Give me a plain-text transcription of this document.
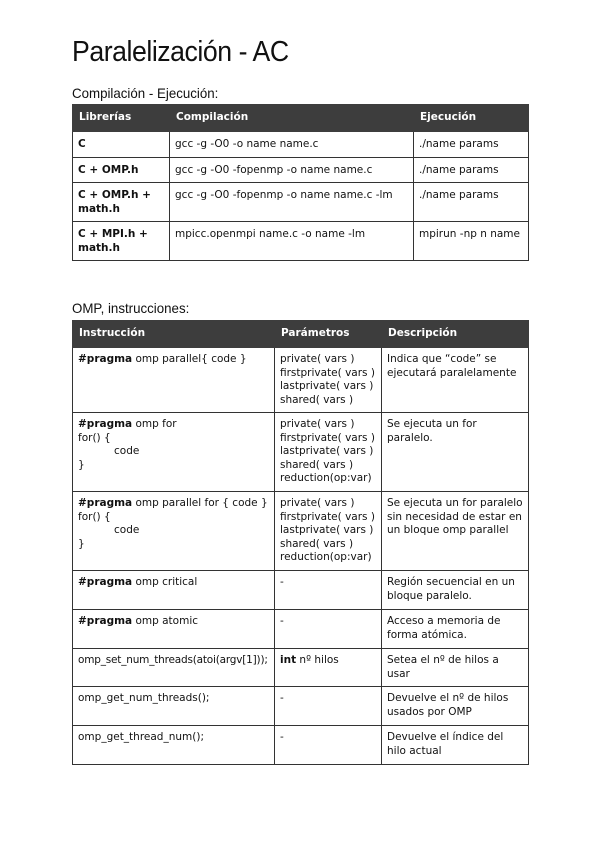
Paralelización - AC
Compilación - Ejecución:
Librerías	Compilación	Ejecución
C	gcc -g -O0 -o name name.c	./name params
C + OMP.h	gcc -g -O0 -fopenmp -o name name.c	./name params
C + OMP.h + math.h	gcc -g -O0 -fopenmp -o name name.c -lm	./name params
C + MPI.h + math.h	mpicc.openmpi name.c -o name -lm	mpirun -np n name
OMP, instrucciones:
Instrucción	Parámetros	Descripción

#pragma omp parallel{ code }	private( vars )
firstprivate( vars )
lastprivate( vars )
shared( vars )	Indica que “code” se ejecutará paralelamente

#pragma omp for
for() {
code
}	private( vars )
firstprivate( vars )
lastprivate( vars )
shared( vars )
reduction(op:var)	Se ejecuta un for paralelo.

#pragma omp parallel for { code }
for() {
code
}	private( vars )
firstprivate( vars )
lastprivate( vars )
shared( vars )
reduction(op:var)	Se ejecuta un for paralelo sin necesidad de estar en un bloque omp parallel

#pragma omp critical	-	Región secuencial en un bloque paralelo.

#pragma omp atomic	-	Acceso a memoria de forma atómica.
omp_set_num_threads(atoi(argv[1]));	int nº hilos	Setea el nº de hilos a usar
omp_get_num_threads();	-	Devuelve el nº de hilos usados por OMP
omp_get_thread_num();	-	Devuelve el índice del hilo actual
